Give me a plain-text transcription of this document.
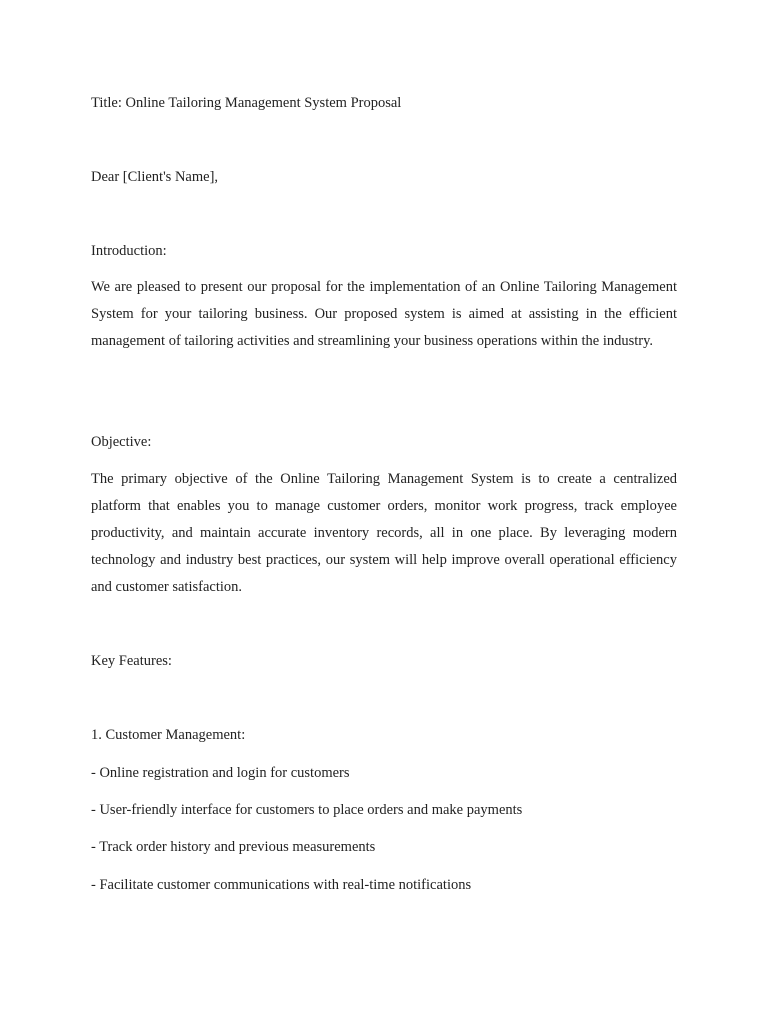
Title: Online Tailoring Management System Proposal

Dear [Client's Name],

Introduction:

We are pleased to present our proposal for the implementation of an Online Tailoring Management System for your tailoring business. Our proposed system is aimed at assisting in the efficient management of tailoring activities and streamlining your business operations within the industry.

Objective:

The primary objective of the Online Tailoring Management System is to create a centralized platform that enables you to manage customer orders, monitor work progress, track employee productivity, and maintain accurate inventory records, all in one place. By leveraging modern technology and industry best practices, our system will help improve overall operational efficiency and customer satisfaction.

Key Features:

1. Customer Management:

- Online registration and login for customers

- User-friendly interface for customers to place orders and make payments

- Track order history and previous measurements

- Facilitate customer communications with real-time notifications
